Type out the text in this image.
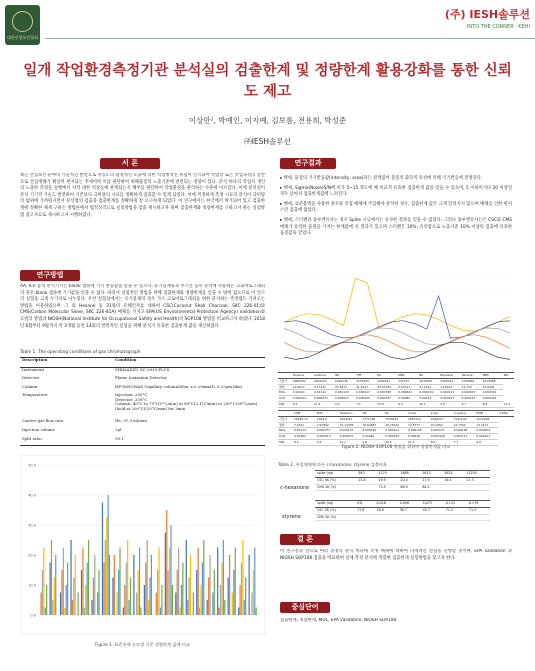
대한산업보건협회
(주) IESH솔루션
INTO THE CORNER · KEHI
일개 작업환경측정기관 분석실의 검출한계 및 정량한계 활용강화를 통한 신뢰도 제고
이상만¹, 박예인, 이지예, 김보름, 전용희, 박성준
㈜IESH솔루션
서 론
최근 산업보건 분야의 기술적인 발전으로 저농도의 환경적인 노출에 의한 직업병적인 위험이 인식되어 작업장 또는 작업과정의 일반으로 산업재해가 확실히 현저되는 추세이며 이를 판단하여 위해물질의 노출기준에 관련되는 경향이 있다. 분석 허나의 작업자 개인의 노출한 측정을 실행에서 자작 대한 역상들에 관계되는지 해부를 판단하여 작업환경을 관리하는 수준에 이르렀다. 이에 분석실이 분석 기기적 기술도 발전하여 기존보다 극미량의 시료를 정확하게 검출할 수 있게 되었다. 이에 적정하게 측정 시료의 분석이 극미량의 범위에 가까워지면서 분석법의 검출과 검출한계를 정확하게 잘 요구하게 되었다. 이 연구에서는 한국에서 허가되어 있고 검출한계에 정확한 체계 구하는 방법론에서 법적성격으로 실험방법을 검출 재시하고자 하며 검출한계와 정량한계를 구하고자 하는 실험방법 참고자료로 제시하고자 시행하였다.
연구방법
AA, ICP 등의 분석기기는 blank 샘플에 기기 반응값을 얻을 수 있으나, 유기용제류과 무기산 등의 분석에 사용하는 크로마토그래피의 경우 blank 샘플에 기기값을 얻을 수 없다. 따라서 실험적인 방법을 위해 검출한계와 정량한계를 얻을 수 밖에 없으므로 이 연구의 실험을 크게 두가지로 나누었다. 우선 실험실에서는 유기용제의 경우 가스 크로마토그래피를 위한 분석하는 측정법도 가져오는 방법을 이용하였으며 그 외 Hexane 등 21종의 유해인자를 대하여 CSC(Coconut Shell Charcoal, SKC 226-01)와 CMS(Carbon Molecular Sieve, SKC 226-81A) 매체를 가지고 EPA(US Environmental Protection Agency) validation와 모델의 방법과 NIOSH(National Institute for Occupational Safety and Health)의 SOP108 방법을 비교하고자 하였다. 2018년 6월부터 9월까지 약 3개월 동안 14회의 반복적인 실험을 위해 분석기 유효한 검출한계 값을 계산하였다.
Table 1. The operating conditions of gas chromatograph
Description	Condition
Instrument	SHIMADZU GC-2010-PLUS
Detector	Flame Ionization Detector
Column	HP-INNOWAX Capillary column(60m, x 0.25mmID, 0.25μm film)
Temperature	Injection: 250°C
Detector: 250°C
Column: 40°C to 70°(10°C/min) to 80°C(5.1°C/min) to 200°C(30°C/min)(hold at 200°C)(20°C/min) for 3min
Carrier gas flow rate	He, 91.9 ml/min
Injection volume	2μl
Split ratio	90:1
50.0
40.0
30.0
20.0
10.0
0.0
Figure 1. 표준용액 농도별 기준 정량한계 값에 비교
연구결과
▸ 헥세, 물질의 기기반응값(intensity, area)과는 관계없이 물질의 화학적 특성에 의해 기기반응에 결정된다.
▸ 헥세, Sigma(Noise)S/N에 비가 5~15 정도에 해 비교적 유효한 검출한계 값을 얻을 수 있으며, 5 이하이거나 20 이상일 경우 낮아져 검출한계값에 느려진다.
▸ 헥세, 표준용액을 사용한 경우와 직접 매체에 주입해야 분석한 경우, 검출한계 값은 크게 달라지지 않으며 매체를 인한 현저스런 검출에 없었다.
▸ 헥세, 스티렌과 톨루엔유사는 경우 Spike 시료에서는 유사한 결과를 얻을 수 없었다. 그러나 톨루엔유사는은 CSC와 CMS 매체가 유의한 품질을 가지는 한계값에 선 결과가 있으며 스티렌은 10%, 유의함으로 노출기준 10% 이상의 검출에 유효한 품질값을 얻었다.
	Hexane	Acetone	IPA	THF	EA	MEK	BA	Benzene	Toluene	MBK	IBA
기울기	0000402	0402151	6461145	1537652	1182161	122547	2033505	3200014	7249094	2219068	
절편	16.0011	3.17341	25.6471	21.6127	30.97189	0.97721	21.2021	13.8012	11.779	15.0405	
MDL	0.00161	0.01114	0.001124	0.000417	0.000788	0.000822	0.000219	0.000122	0.000407	0.000319	
LOQ	0.005311	0.000472	0.000027	0.000925	0.000787	0.00082	0.00143	0.000121	0.000122	0.000412	
S/N	8.1	11.2	9.3	7.5	12.8	6.4	10.1	5.9	9.7	8.8	13.4
	CPM	PCE	Hexanon	CB	Ep	m-Xyl	p-Xyl	o-xylene	EMB	2-EHA
기울기	29259.72	1364.6	3204917	1771180	3355043	3265711	2946257	7191106	3222208	
절편	7.0721	2.97952	12.13305	10.64987	20.75422	13.8773	20.2062	12.7302	13.0417	
MDL	0.00114	0.000257	0.000141	0.000195	0.000311	0.000126	0.000127	0.000198	0.000204	
LOQ	0.00362	0.000213	0.000527	0.00046	0.000224	0.00046	0.000408	0.000117	0.000411	
S/N	6.2	9.4	11.1	7.8	10.5	12.3	8.9	7.1	9.6	
Figure 2. NIOSH SOP108 방법을 위하여 정량한계값 비교
Table 2. 주입매체에 따른 c-hexanone, styrene 검출비율
c-hexanone
spike (ng)	563	1125	1688	2813	5625	11250
CSC SK (%)	15.8	19.9	20.4	17.9	16.4	21.3
CMS SK (%)		73.5	68.9	64.2		
styrene
spike (ng)	9.8	0.016	0.056	0.072	0.135	0.179
CSC SK (%)	77.6	28.9	36.7	45.7	71.2	71.3
CMS SK (%)						
결 론
이 연구결과 앞으로 여러 측정의 분석 허나에 측정 매체에 대하여 다계적인 실험을 진행할 것이며, EPA validation 과 NIOSH SOP108 검출을 비교하여 실제 측정 분석에 적합한 검출한계 실험방법을 찾고자 한다.
중심단어
검출한계, 정량한계, MDL, EPA validation, NIOSH SOP108
